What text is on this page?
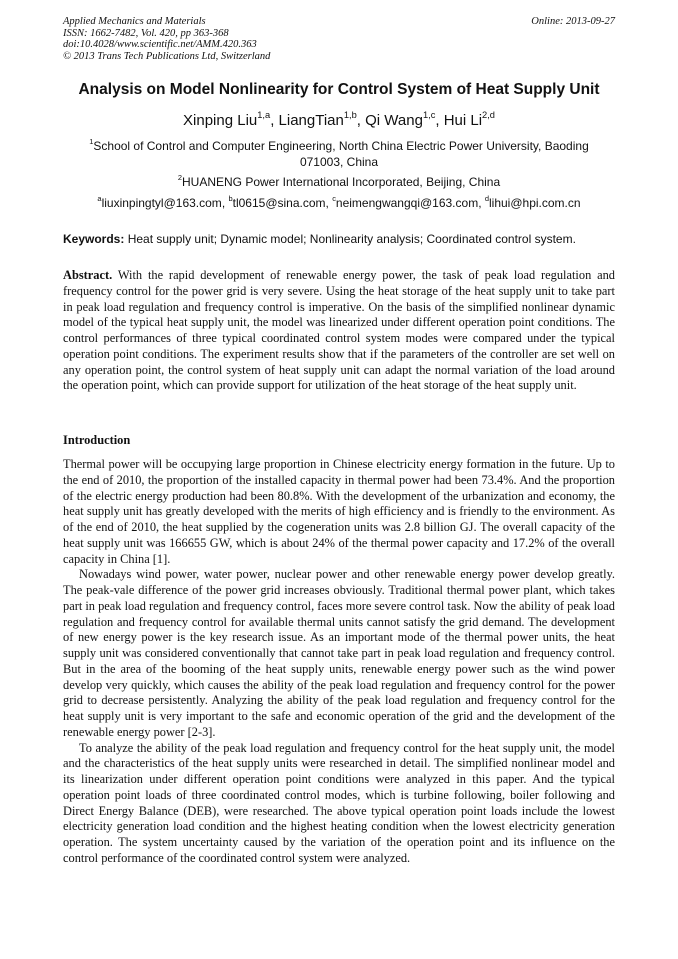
Applied Mechanics and Materials	Online: 2013-09-27
ISSN: 1662-7482, Vol. 420, pp 363-368
doi:10.4028/www.scientific.net/AMM.420.363
© 2013 Trans Tech Publications Ltd, Switzerland
Analysis on Model Nonlinearity for Control System of Heat Supply Unit
Xinping Liu$^{1,a}$, LiangTian$^{1,b}$, Qi Wang$^{1,c}$, Hui Li$^{2,d}$
$^1$School of Control and Computer Engineering, North China Electric Power University, Baoding 071003, China
$^2$HUANENG Power International Incorporated, Beijing, China
$^a$liuxinpingtyl@163.com, $^b$tl0615@sina.com, $^c$neimengwangqi@163.com, $^d$lihui@hpi.com.cn
Keywords: Heat supply unit; Dynamic model; Nonlinearity analysis; Coordinated control system.
Abstract. With the rapid development of renewable energy power, the task of peak load regulation and frequency control for the power grid is very severe. Using the heat storage of the heat supply unit to take part in peak load regulation and frequency control is imperative. On the basis of the simplified nonlinear dynamic model of the typical heat supply unit, the model was linearized under different operation point conditions. The control performances of three typical coordinated control system modes were compared under the typical operation point conditions. The experiment results show that if the parameters of the controller are set well on any operation point, the control system of heat supply unit can adapt the normal variation of the load around the operation point, which can provide support for utilization of the heat storage of the heat supply unit.
Introduction

Thermal power will be occupying large proportion in Chinese electricity energy formation in the future. Up to the end of 2010, the proportion of the installed capacity in thermal power had been 73.4%. And the proportion of the electric energy production had been 80.8%. With the development of the urbanization and economy, the heat supply unit has greatly developed with the merits of high efficiency and is friendly to the environment. As of the end of 2010, the heat supplied by the cogeneration units was 2.8 billion GJ. The overall capacity of the heat supply unit was 166655 GW, which is about 24% of the thermal power capacity and 17.2% of the overall capacity in China [1].

Nowadays wind power, water power, nuclear power and other renewable energy power develop greatly. The peak-vale difference of the power grid increases obviously. Traditional thermal power plant, which takes part in peak load regulation and frequency control, faces more severe control task. Now the ability of peak load regulation and frequency control for available thermal units cannot satisfy the grid demand. The development of new energy power is the key research issue. As an important mode of the thermal power units, the heat supply unit was considered conventionally that cannot take part in peak load regulation and frequency control. But in the area of the booming of the heat supply units, renewable energy power such as the wind power develop very quickly, which causes the ability of the peak load regulation and frequency control for the power grid to decrease persistently. Analyzing the ability of the peak load regulation and frequency control for the heat supply unit is very important to the safe and economic operation of the grid and the development of the renewable energy power [2-3].

To analyze the ability of the peak load regulation and frequency control for the heat supply unit, the model and the characteristics of the heat supply units were researched in detail. The simplified nonlinear model and its linearization under different operation point conditions were analyzed in this paper. And the typical operation point loads of three coordinated control modes, which is turbine following, boiler following and Direct Energy Balance (DEB), were researched. The above typical operation point loads include the lowest electricity generation load condition and the highest heating condition when the lowest electricity generation operation. The system uncertainty caused by the variation of the operation point and its influence on the control performance of the coordinated control system were analyzed.
